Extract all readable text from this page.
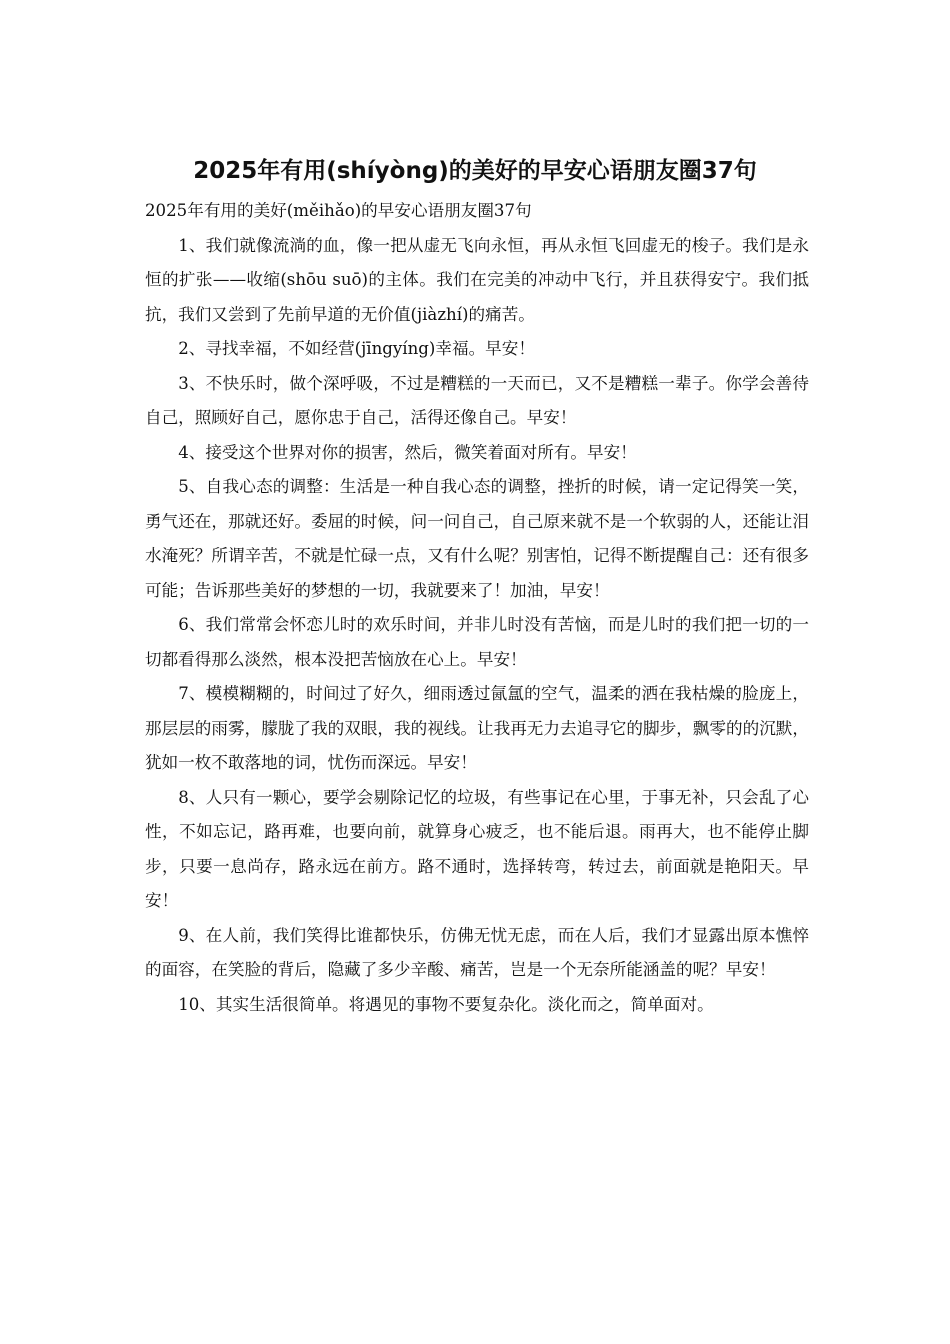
2025年有用(shíyòng)的美好的早安心语朋友圈37句

2025年有用的美好(měihǎo)的早安心语朋友圈37句

1、我们就像流淌的血，像一把从虚无飞向永恒，再从永恒飞回虚无的梭子。我们是永恒的扩张——收缩(shōu suō)的主体。我们在完美的冲动中飞行，并且获得安宁。我们抵抗，我们又尝到了先前早道的无价值(jiàzhí)的痛苦。

2、寻找幸福，不如经营(jīngyíng)幸福。早安！

3、不快乐时，做个深呼吸，不过是糟糕的一天而已，又不是糟糕一辈子。你学会善待自己，照顾好自己，愿你忠于自己，活得还像自己。早安！

4、接受这个世界对你的损害，然后，微笑着面对所有。早安！

5、自我心态的调整：生活是一种自我心态的调整，挫折的时候，请一定记得笑一笑，勇气还在，那就还好。委屈的时候，问一问自己，自己原来就不是一个软弱的人，还能让泪水淹死？所谓辛苦，不就是忙碌一点，又有什么呢？别害怕，记得不断提醒自己：还有很多可能；告诉那些美好的梦想的一切，我就要来了！加油，早安！

6、我们常常会怀恋儿时的欢乐时间，并非儿时没有苦恼，而是儿时的我们把一切的一切都看得那么淡然，根本没把苦恼放在心上。早安！

7、模模糊糊的，时间过了好久，细雨透过氤氲的空气，温柔的洒在我枯燥的脸庞上，那层层的雨雾，朦胧了我的双眼，我的视线。让我再无力去追寻它的脚步，飘零的的沉默，犹如一枚不敢落地的词，忧伤而深远。早安！

8、人只有一颗心，要学会剔除记忆的垃圾，有些事记在心里，于事无补，只会乱了心性，不如忘记，路再难，也要向前，就算身心疲乏，也不能后退。雨再大，也不能停止脚步，只要一息尚存，路永远在前方。路不通时，选择转弯，转过去，前面就是艳阳天。早安！

9、在人前，我们笑得比谁都快乐，仿佛无忧无虑，而在人后，我们才显露出原本憔悴的面容，在笑脸的背后，隐藏了多少辛酸、痛苦，岂是一个无奈所能涵盖的呢？早安！

10、其实生活很简单。将遇见的事物不要复杂化。淡化而之，简单面对。
